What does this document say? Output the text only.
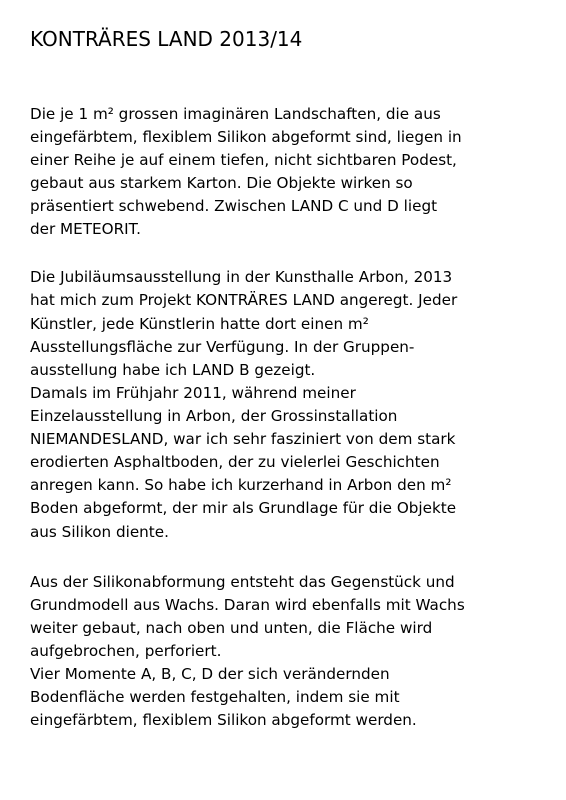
KONTRÄRES LAND 2013/14

Die je 1 m² grossen imaginären Landschaften, die aus

eingefärbtem, flexiblem Silikon abgeformt sind, liegen in

einer Reihe je auf einem tiefen, nicht sichtbaren Podest,

gebaut aus starkem Karton. Die Objekte wirken so

präsentiert schwebend. Zwischen LAND C und D liegt

der METEORIT.

Die Jubiläumsausstellung in der Kunsthalle Arbon, 2013

hat mich zum Projekt KONTRÄRES LAND angeregt. Jeder

Künstler, jede Künstlerin hatte dort einen m²

Ausstellungsfläche zur Verfügung. In der Gruppen-

ausstellung habe ich LAND B gezeigt.

Damals im Frühjahr 2011, während meiner

Einzelausstellung in Arbon, der Grossinstallation

NIEMANDESLAND, war ich sehr fasziniert von dem stark

erodierten Asphaltboden, der zu vielerlei Geschichten

anregen kann. So habe ich kurzerhand in Arbon den m²

Boden abgeformt, der mir als Grundlage für die Objekte

aus Silikon diente.

Aus der Silikonabformung entsteht das Gegenstück und

Grundmodell aus Wachs. Daran wird ebenfalls mit Wachs

weiter gebaut, nach oben und unten, die Fläche wird

aufgebrochen, perforiert.

Vier Momente A, B, C, D der sich verändernden

Bodenfläche werden festgehalten, indem sie mit

eingefärbtem, flexiblem Silikon abgeformt werden.
